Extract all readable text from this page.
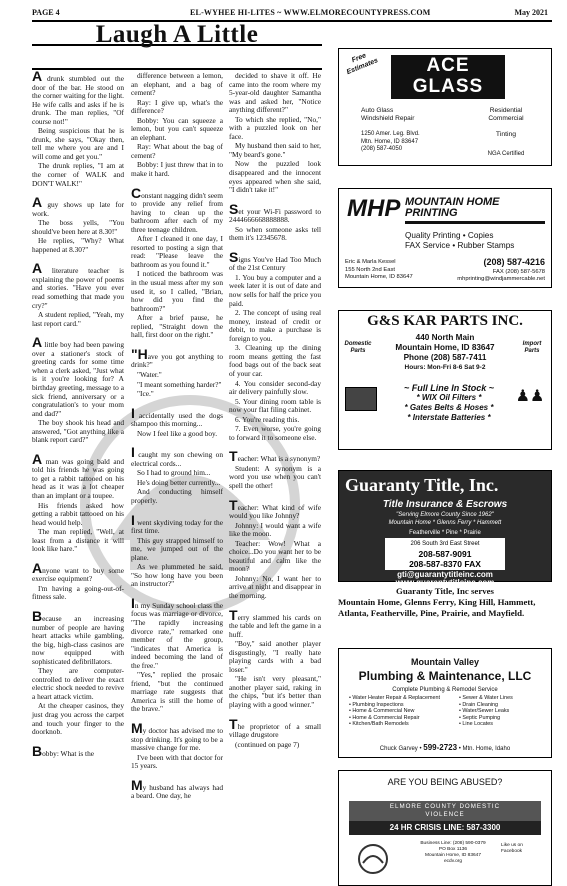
PAGE 4	EL-WYHEE HI-LITES ~ WWW.ELMORECOUNTYPRESS.COM	May 2021
Laugh A Little

A drunk stumbled out the door of the bar. He stood on the corner waiting for the light. He wife calls and asks if he is drunk. The man replies, "Of course not!"

Being suspicious that he is drunk, she says, "Okay then, tell me where you are and I will come and get you."

The drunk replies, "I am at the corner of WALK and DON'T WALK!"

A guy shows up late for work.

The boss yells, "You should've been here at 8.30!"

He replies, "Why? What happened at 8.30?"

A literature teacher is explaining the power of poems and stories. "Have you ever read something that made you cry?"

A student replied, "Yeah, my last report card."

A little boy had been pawing over a stationer's stock of greeting cards for some time when a clerk asked, "Just what is it you're looking for? A birthday greeting, message to a sick friend, anniversary or a congratulation's to your mom and dad?"

The boy shook his head and answered, "Got anything like a blank report card?"

A man was going bald and told his friends he was going to get a rabbit tattooed on his head as it was a lot cheaper than an implant or a toupee.

His friends asked how getting a rabbit tattooed on his head would help.

The man replied, "Well, at least from a distance it will look like hare."

Anyone want to buy some exercise equipment?

I'm having a going-out-of-fitness sale.

Because an increasing number of people are having heart attacks while gambling, the big, high-class casinos are now equipped with sophisticated defibrillators.

They are computer-controlled to deliver the exact electric shock needed to revive a heart attack victim.

At the cheaper casinos, they just drag you across the carpet and touch your finger to the doorknob.

Bobby: What is the

difference between a lemon, an elephant, and a bag of cement?

Ray: I give up, what's the difference?

Bobby: You can squeeze a lemon, but you can't squeeze an elephant.

Ray: What about the bag of cement?

Bobby: I just threw that in to make it hard.

Constant nagging didn't seem to provide any relief from having to clean up the bathroom after each of my three teenage children.

After I cleaned it one day, I resorted to posting a sign that read: "Please leave the bathroom as you found it."

I noticed the bathroom was in the usual mess after my son used it, so I called, "Brian, how did you find the bathroom?"

After a brief pause, he replied, "Straight down the hall, first door on the right."

"Have you got anything to drink?"

"Water."

"I meant something harder?"

"Ice."

I accidentally used the dogs shampoo this morning...

Now I feel like a good boy.

I caught my son chewing on electrical cords...

So I had to ground him...

He's doing better currently...

And conducting himself properly.

I went skydiving today for the first time.

This guy strapped himself to me, we jumped out of the plane.

As we plummeted he said, "So how long have you been an instructor?"

In my Sunday school class the focus was marriage or divorce, "The rapidly increasing divorce rate," remarked one member of the group, "indicates that America is indeed becoming the land of the free."

"Yes," replied the prosaic friend, "but the continued marriage rate suggests that America is still the home of the brave."

My doctor has advised me to stop drinking. It's going to be a massive change for me.

I've been with that doctor for 15 years.

My husband has always had a beard. One day, he

decided to shave it off. He came into the room where my 5-year-old daughter Samantha was and asked her, "Notice anything different?"

To which she replied, "No," with a puzzled look on her face.

My husband then said to her, "My beard's gone."

Now the puzzled look disappeared and the innocent eyes appeared when she said, "I didn't take it!"

Set your Wi-Fi password to 2444666668888888.

So when someone asks tell them it's 12345678.

Signs You've Had Too Much of the 21st Century

1. You buy a computer and a week later it is out of date and now sells for half the price you paid.

2. The concept of using real money, instead of credit or debit, to make a purchase is foreign to you.

3. Cleaning up the dining room means getting the fast food bags out of the back seat of your car.

4. You consider second-day air delivery painfully slow.

5. Your dining room table is now your flat filing cabinet.

6. You're reading this.

7. Even worse, you're going to forward it to someone else.

Teacher: What is a synonym?

Student: A synonym is a word you use when you can't spell the other!

Teacher: What kind of wife would you like Johnny?

Johnny: I would want a wife like the moon.

Teacher: Wow! What a choice...Do you want her to be beautiful and calm like the moon?

Johnny: No, I want her to arrive at night and disappear in the morning.

Terry slammed his cards on the table and left the game in a huff.

"Boy," said another player disgustingly, "I really hate playing cards with a bad loser."

"He isn't very pleasant," another player said, raking in the chips, "but it's better than playing with a good winner."

The proprietor of a small village drugstore

(continued on page 7)

Free Estimates	ACE
GLASS
Auto Glass
Windshield Repair
Residential
Commercial
1250 Amer. Leg. Blvd.
Mtn. Home, ID 83647
(208) 587-4050
Tinting
NGA Certified
MHP MOUNTAIN HOME
PRINTING
Quality Printing • Copies
FAX Service • Rubber Stamps
Eric & Marla Kessel
155 North 2nd East
Mountain Home, ID 83647
(208) 587-4216
FAX (208) 587-5678
mhprinting@windjammercable.net
G&S KAR PARTS INC.
Domestic Parts
Import Parts
440 North Main
Mountain Home, ID 83647
Phone (208) 587-7411
Hours: Mon-Fri 8-6 Sat 9-2
~ Full Line In Stock ~
* WIX Oil Filters *
* Gates Belts & Hoses *
* Interstate Batteries *
♟♟
Guaranty Title, Inc.
Title Insurance & Escrows
"Serving Elmore County Since 1962"
Mountain Home * Glenns Ferry * Hammett
Featherville * Pine * Prairie
206 South 3rd East Street
208-587-9091
208-587-8370 FAX
gti@guarantytitleinc.com
www.guarantytitleinc.com
Guaranty Title, Inc serves
Mountain Home, Glenns Ferry, King Hill, Hammett, Atlanta, Featherville, Pine, Prairie, and Mayfield.
Mountain Valley
Plumbing & Maintenance, LLC
Complete Plumbing & Remodel Service
• Water Heater Repair & Replacement
• Plumbing Inspections
• Home & Commercial New
• Home & Commercial Repair
• Kitchen/Bath Remodels
• Sewer & Water Lines
• Drain Cleaning
• Water/Sewer Leaks
• Septic Pumping
• Line Locates
Chuck Garvey • 599-2723 • Mtn. Home, Idaho
ARE YOU BEING ABUSED?
ELMORE COUNTY DOMESTIC
VIOLENCE
24 HR CRISIS LINE: 587-3300
Business Line: (208) 590-0379
PO Box 1136
Mountain Home, ID 83647
ecdv.org
Like us on Facebook
